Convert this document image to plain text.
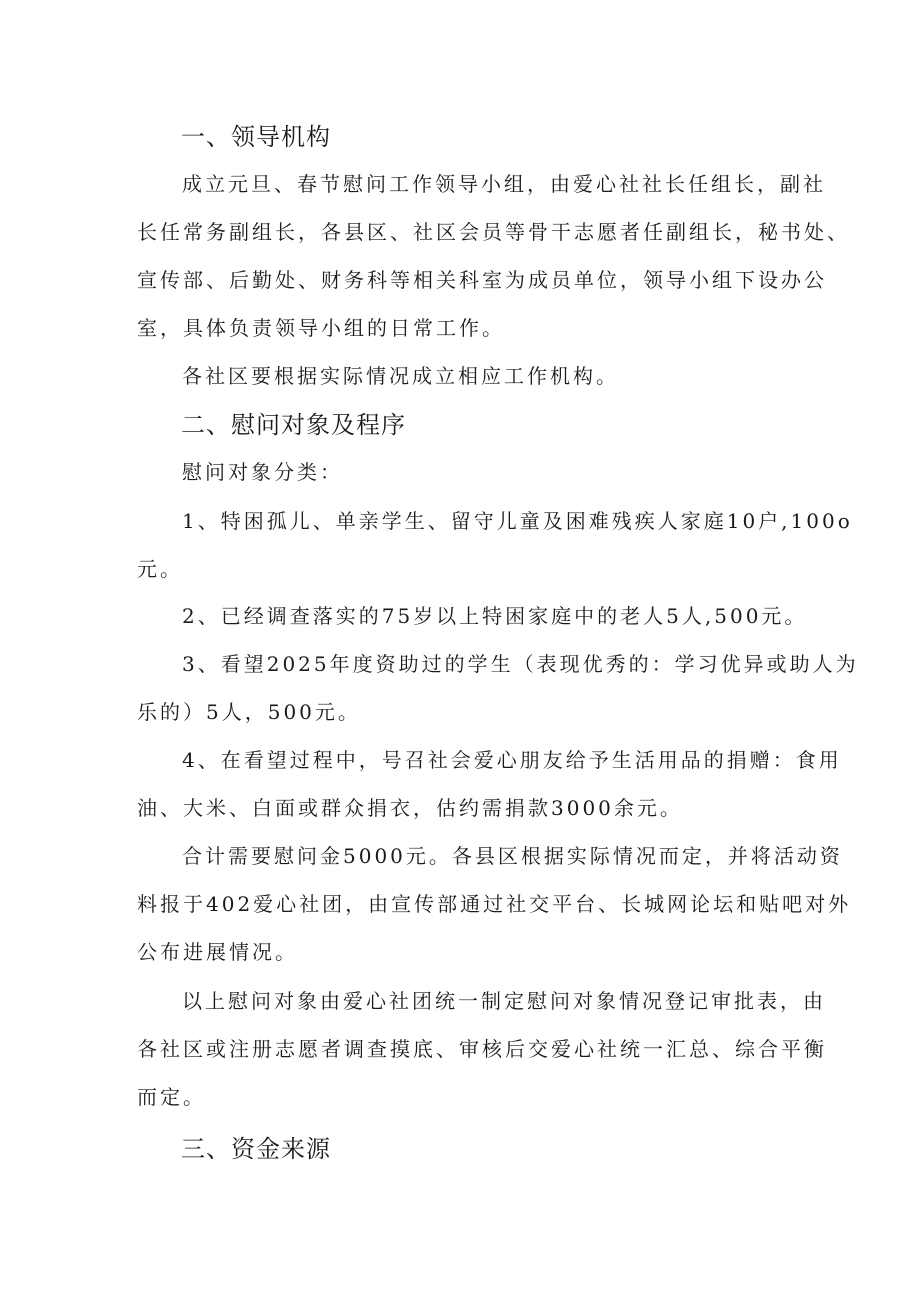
一、领导机构
成立元旦、春节慰问工作领导小组，由爱心社社长任组长，副社
长任常务副组长，各县区、社区会员等骨干志愿者任副组长，秘书处、
宣传部、后勤处、财务科等相关科室为成员单位，领导小组下设办公
室，具体负责领导小组的日常工作。
各社区要根据实际情况成立相应工作机构。
二、慰问对象及程序
慰问对象分类：
1、特困孤儿、单亲学生、留守儿童及困难残疾人家庭10户,100o
元。
2、已经调查落实的75岁以上特困家庭中的老人5人,500元。
3、看望2025年度资助过的学生（表现优秀的：学习优异或助人为
乐的）5人，500元。
4、在看望过程中，号召社会爱心朋友给予生活用品的捐赠：食用
油、大米、白面或群众捐衣，估约需捐款3000余元。
合计需要慰问金5000元。各县区根据实际情况而定，并将活动资
料报于402爱心社团，由宣传部通过社交平台、长城网论坛和贴吧对外
公布进展情况。
以上慰问对象由爱心社团统一制定慰问对象情况登记审批表，由
各社区或注册志愿者调查摸底、审核后交爱心社统一汇总、综合平衡
而定。
三、资金来源
